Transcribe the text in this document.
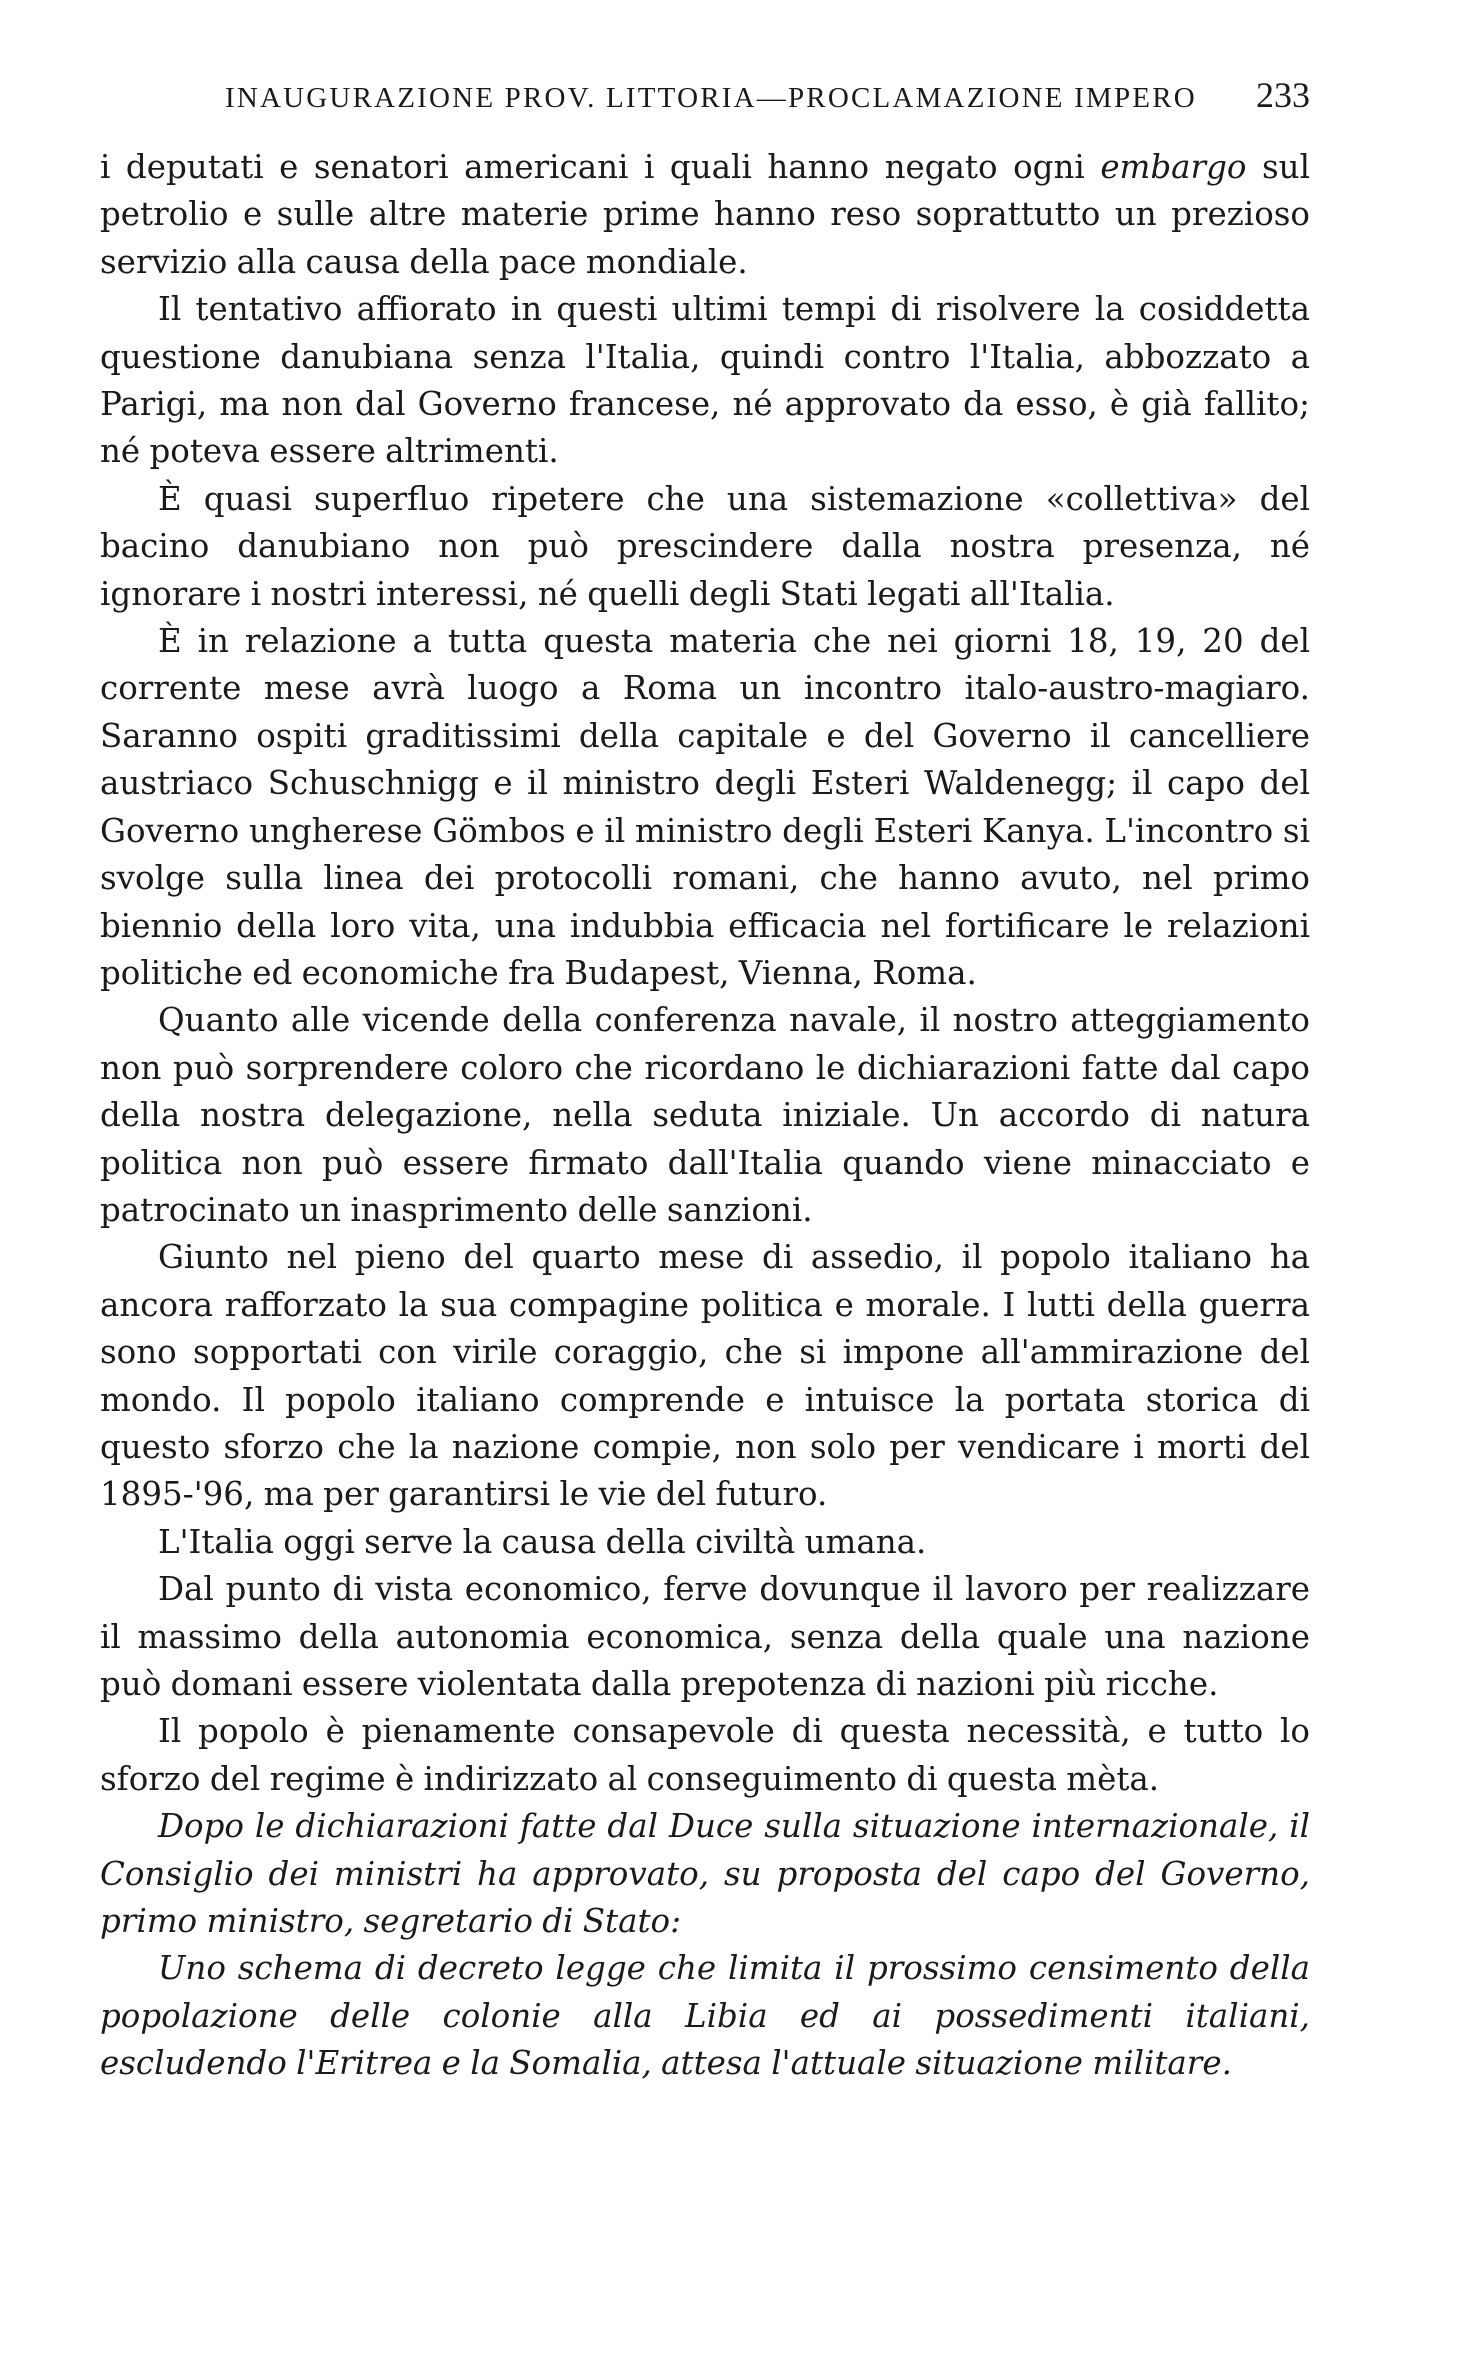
INAUGURAZIONE PROV. LITTORIA—PROCLAMAZIONE IMPERO 233

i deputati e senatori americani i quali hanno negato ogni embargo sul petrolio e sulle altre materie prime hanno reso soprattutto un prezioso servizio alla causa della pace mondiale.

Il tentativo affiorato in questi ultimi tempi di risolvere la cosiddetta questione danubiana senza l'Italia, quindi contro l'Italia, abbozzato a Parigi, ma non dal Governo francese, né approvato da esso, è già fallito; né poteva essere altrimenti.

È quasi superfluo ripetere che una sistemazione «collettiva» del bacino danubiano non può prescindere dalla nostra presenza, né ignorare i nostri interessi, né quelli degli Stati legati all'Italia.

È in relazione a tutta questa materia che nei giorni 18, 19, 20 del corrente mese avrà luogo a Roma un incontro italo-austro-magiaro. Saranno ospiti graditissimi della capitale e del Governo il cancelliere austriaco Schuschnigg e il ministro degli Esteri Waldenegg; il capo del Governo ungherese Gömbos e il ministro degli Esteri Kanya. L'incontro si svolge sulla linea dei protocolli romani, che hanno avuto, nel primo biennio della loro vita, una indubbia efficacia nel fortificare le relazioni politiche ed economiche fra Budapest, Vienna, Roma.

Quanto alle vicende della conferenza navale, il nostro atteggiamento non può sorprendere coloro che ricordano le dichiarazioni fatte dal capo della nostra delegazione, nella seduta iniziale. Un accordo di natura politica non può essere firmato dall'Italia quando viene minacciato e patrocinato un inasprimento delle sanzioni.

Giunto nel pieno del quarto mese di assedio, il popolo italiano ha ancora rafforzato la sua compagine politica e morale. I lutti della guerra sono sopportati con virile coraggio, che si impone all'ammirazione del mondo. Il popolo italiano comprende e intuisce la portata storica di questo sforzo che la nazione compie, non solo per vendicare i morti del 1895-'96, ma per garantirsi le vie del futuro.

L'Italia oggi serve la causa della civiltà umana.

Dal punto di vista economico, ferve dovunque il lavoro per realizzare il massimo della autonomia economica, senza della quale una nazione può domani essere violentata dalla prepotenza di nazioni più ricche.

Il popolo è pienamente consapevole di questa necessità, e tutto lo sforzo del regime è indirizzato al conseguimento di questa mèta.

Dopo le dichiarazioni fatte dal Duce sulla situazione internazionale, il Consiglio dei ministri ha approvato, su proposta del capo del Governo, primo ministro, segretario di Stato:

Uno schema di decreto legge che limita il prossimo censimento della popolazione delle colonie alla Libia ed ai possedimenti italiani, escludendo l'Eritrea e la Somalia, attesa l'attuale situazione militare.
